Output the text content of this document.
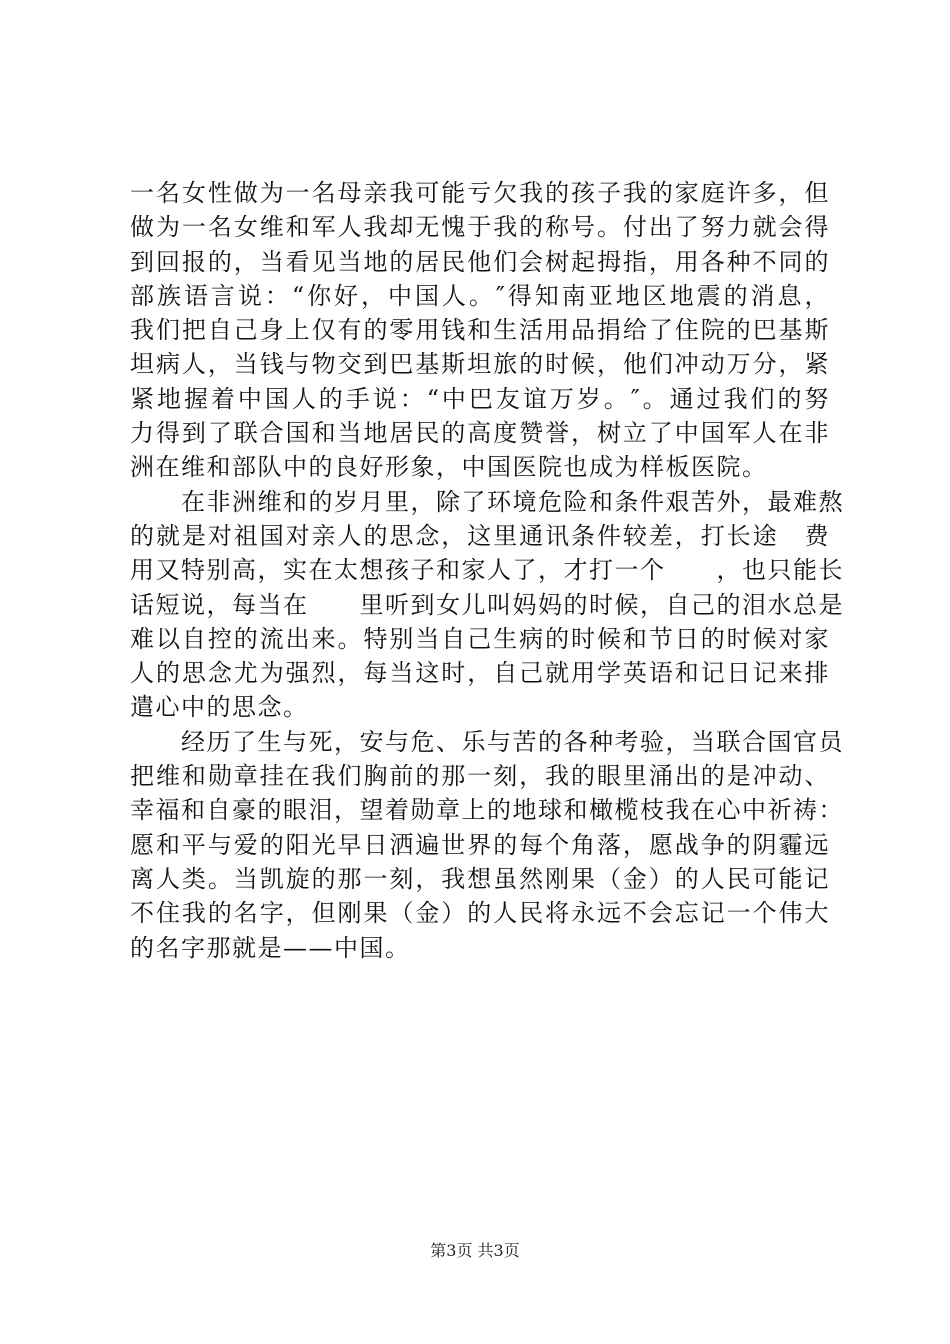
一名女性做为一名母亲我可能亏欠我的孩子我的家庭许多，但
做为一名女维和军人我却无愧于我的称号。付出了努力就会得
到回报的，当看见当地的居民他们会树起拇指，用各种不同的
部族语言说：“你好，中国人。″得知南亚地区地震的消息，
我们把自己身上仅有的零用钱和生活用品捐给了住院的巴基斯
坦病人，当钱与物交到巴基斯坦旅的时候，他们冲动万分，紧
紧地握着中国人的手说：“中巴友谊万岁。″。通过我们的努
力得到了联合国和当地居民的高度赞誉，树立了中国军人在非
洲在维和部队中的良好形象，中国医院也成为样板医院。
　　在非洲维和的岁月里，除了环境危险和条件艰苦外，最难熬
的就是对祖国对亲人的思念，这里通讯条件较差，打长途　费
用又特别高，实在太想孩子和家人了，才打一个　　，也只能长
话短说，每当在　　里听到女儿叫妈妈的时候，自己的泪水总是
难以自控的流出来。特别当自己生病的时候和节日的时候对家
人的思念尤为强烈，每当这时，自己就用学英语和记日记来排
遣心中的思念。
　　经历了生与死，安与危、乐与苦的各种考验，当联合国官员
把维和勋章挂在我们胸前的那一刻，我的眼里涌出的是冲动、
幸福和自豪的眼泪，望着勋章上的地球和橄榄枝我在心中祈祷：
愿和平与爱的阳光早日洒遍世界的每个角落，愿战争的阴霾远
离人类。当凯旋的那一刻，我想虽然刚果（金）的人民可能记
不住我的名字，但刚果（金）的人民将永远不会忘记一个伟大
的名字那就是——中国。
第3页 共3页
